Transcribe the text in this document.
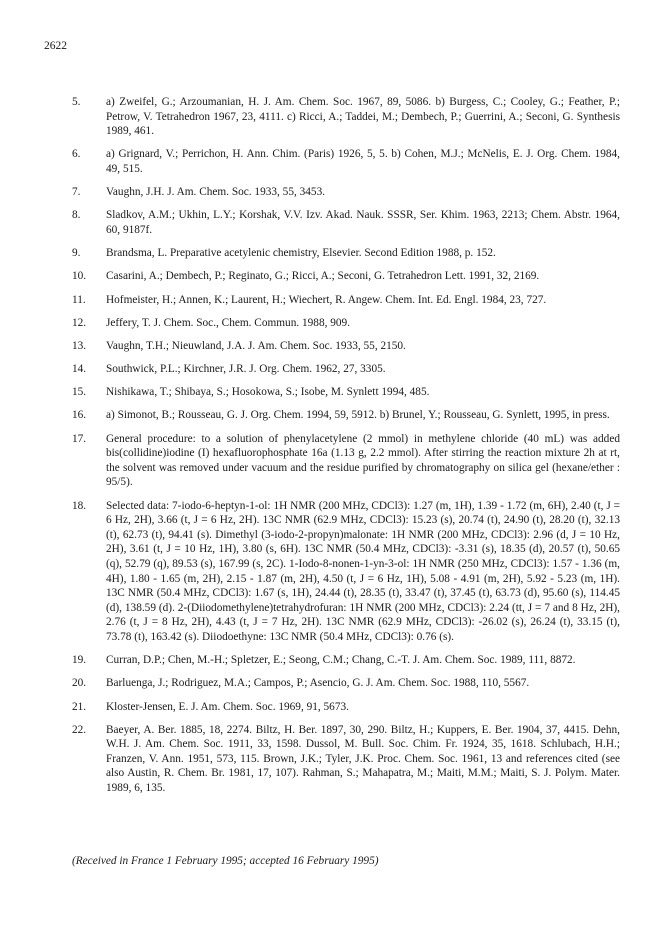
2622
5.	a) Zweifel, G.; Arzoumanian, H. J. Am. Chem. Soc. 1967, 89, 5086. b) Burgess, C.; Cooley, G.; Feather, P.; Petrow, V. Tetrahedron 1967, 23, 4111. c) Ricci, A.; Taddei, M.; Dembech, P.; Guerrini, A.; Seconi, G. Synthesis 1989, 461.
6.	a) Grignard, V.; Perrichon, H. Ann. Chim. (Paris) 1926, 5, 5. b) Cohen, M.J.; McNelis, E. J. Org. Chem. 1984, 49, 515.
7.	Vaughn, J.H. J. Am. Chem. Soc. 1933, 55, 3453.
8.	Sladkov, A.M.; Ukhin, L.Y.; Korshak, V.V. Izv. Akad. Nauk. SSSR, Ser. Khim. 1963, 2213; Chem. Abstr. 1964, 60, 9187f.
9.	Brandsma, L. Preparative acetylenic chemistry, Elsevier. Second Edition 1988, p. 152.
10.	Casarini, A.; Dembech, P.; Reginato, G.; Ricci, A.; Seconi, G. Tetrahedron Lett. 1991, 32, 2169.
11.	Hofmeister, H.; Annen, K.; Laurent, H.; Wiechert, R. Angew. Chem. Int. Ed. Engl. 1984, 23, 727.
12.	Jeffery, T. J. Chem. Soc., Chem. Commun. 1988, 909.
13.	Vaughn, T.H.; Nieuwland, J.A. J. Am. Chem. Soc. 1933, 55, 2150.
14.	Southwick, P.L.; Kirchner, J.R. J. Org. Chem. 1962, 27, 3305.
15.	Nishikawa, T.; Shibaya, S.; Hosokowa, S.; Isobe, M. Synlett 1994, 485.
16.	a) Simonot, B.; Rousseau, G. J. Org. Chem. 1994, 59, 5912. b) Brunel, Y.; Rousseau, G. Synlett, 1995, in press.
17.	General procedure: to a solution of phenylacetylene (2 mmol) in methylene chloride (40 mL) was added bis(collidine)iodine (I) hexafluorophosphate 16a (1.13 g, 2.2 mmol). After stirring the reaction mixture 2h at rt, the solvent was removed under vacuum and the residue purified by chromatography on silica gel (hexane/ether : 95/5).
18.	Selected data: 7-iodo-6-heptyn-1-ol: 1H NMR (200 MHz, CDCl3): 1.27 (m, 1H), 1.39 - 1.72 (m, 6H), 2.40 (t, J = 6 Hz, 2H), 3.66 (t, J = 6 Hz, 2H). 13C NMR (62.9 MHz, CDCl3): 15.23 (s), 20.74 (t), 24.90 (t), 28.20 (t), 32.13 (t), 62.73 (t), 94.41 (s). Dimethyl (3-iodo-2-propyn)malonate: 1H NMR (200 MHz, CDCl3): 2.96 (d, J = 10 Hz, 2H), 3.61 (t, J = 10 Hz, 1H), 3.80 (s, 6H). 13C NMR (50.4 MHz, CDCl3): -3.31 (s), 18.35 (d), 20.57 (t), 50.65 (q), 52.79 (q), 89.53 (s), 167.99 (s, 2C). 1-Iodo-8-nonen-1-yn-3-ol: 1H NMR (250 MHz, CDCl3): 1.57 - 1.36 (m, 4H), 1.80 - 1.65 (m, 2H), 2.15 - 1.87 (m, 2H), 4.50 (t, J = 6 Hz, 1H), 5.08 - 4.91 (m, 2H), 5.92 - 5.23 (m, 1H). 13C NMR (50.4 MHz, CDCl3): 1.67 (s, 1H), 24.44 (t), 28.35 (t), 33.47 (t), 37.45 (t), 63.73 (d), 95.60 (s), 114.45 (d), 138.59 (d). 2-(Diiodomethylene)tetrahydrofuran: 1H NMR (200 MHz, CDCl3): 2.24 (tt, J = 7 and 8 Hz, 2H), 2.76 (t, J = 8 Hz, 2H), 4.43 (t, J = 7 Hz, 2H). 13C NMR (62.9 MHz, CDCl3): -26.02 (s), 26.24 (t), 33.15 (t), 73.78 (t), 163.42 (s). Diiodoethyne: 13C NMR (50.4 MHz, CDCl3): 0.76 (s).
19.	Curran, D.P.; Chen, M.-H.; Spletzer, E.; Seong, C.M.; Chang, C.-T. J. Am. Chem. Soc. 1989, 111, 8872.
20.	Barluenga, J.; Rodriguez, M.A.; Campos, P.; Asencio, G. J. Am. Chem. Soc. 1988, 110, 5567.
21.	Kloster-Jensen, E. J. Am. Chem. Soc. 1969, 91, 5673.
22.	Baeyer, A. Ber. 1885, 18, 2274. Biltz, H. Ber. 1897, 30, 290. Biltz, H.; Kuppers, E. Ber. 1904, 37, 4415. Dehn, W.H. J. Am. Chem. Soc. 1911, 33, 1598. Dussol, M. Bull. Soc. Chim. Fr. 1924, 35, 1618. Schlubach, H.H.; Franzen, V. Ann. 1951, 573, 115. Brown, J.K.; Tyler, J.K. Proc. Chem. Soc. 1961, 13 and references cited (see also Austin, R. Chem. Br. 1981, 17, 107). Rahman, S.; Mahapatra, M.; Maiti, M.M.; Maiti, S. J. Polym. Mater. 1989, 6, 135.
(Received in France 1 February 1995; accepted 16 February 1995)
